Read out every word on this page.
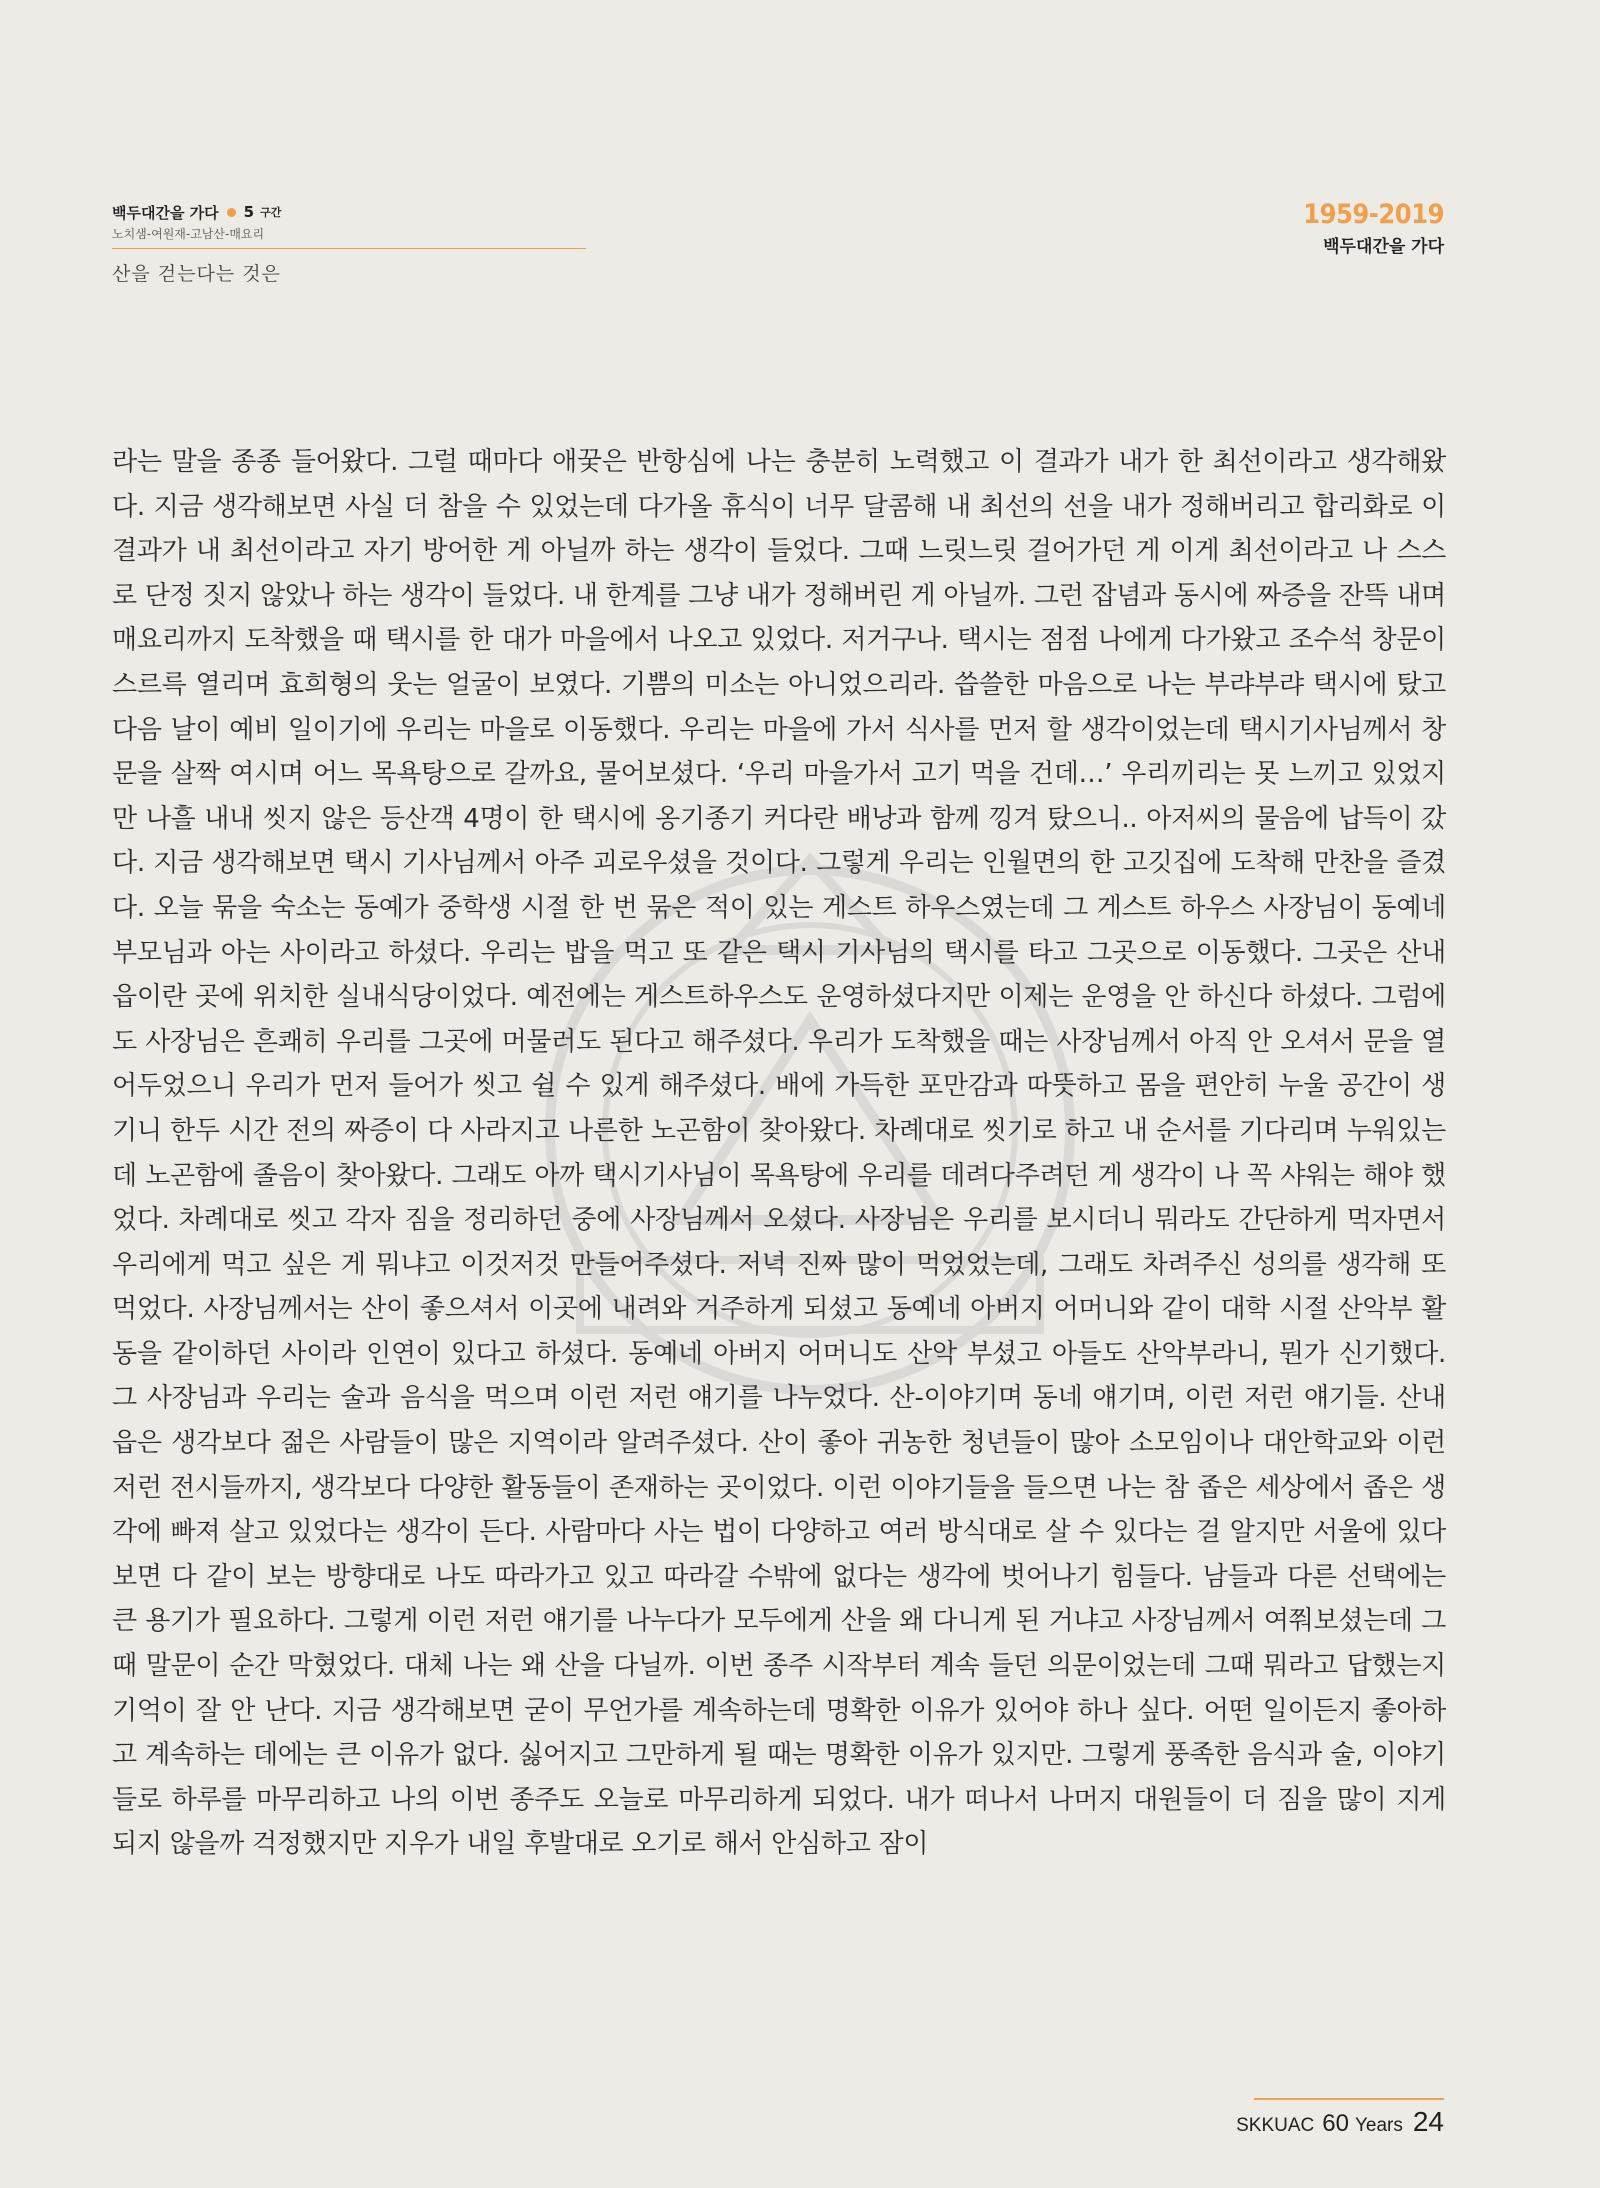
백두대간을 가다 5 구간
노치샘-여원재-고남산-매요리
산을 걷는다는 것은
1959-2019
백두대간을 가다

라는 말을 종종 들어왔다. 그럴 때마다 애꿎은 반항심에 나는 충분히 노력했고 이 결과가 내가 한 최선이라고 생각해왔다. 지금 생각해보면 사실 더 참을 수 있었는데 다가올 휴식이 너무 달콤해 내 최선의 선을 내가 정해버리고 합리화로 이 결과가 내 최선이라고 자기 방어한 게 아닐까 하는 생각이 들었다. 그때 느릿느릿 걸어가던 게 이게 최선이라고 나 스스로 단정 짓지 않았나 하는 생각이 들었다. 내 한계를 그냥 내가 정해버린 게 아닐까. 그런 잡념과 동시에 짜증을 잔뜩 내며 매요리까지 도착했을 때 택시를 한 대가 마을에서 나오고 있었다. 저거구나. 택시는 점점 나에게 다가왔고 조수석 창문이 스르륵 열리며 효희형의 웃는 얼굴이 보였다. 기쁨의 미소는 아니었으리라. 씁쓸한 마음으로 나는 부랴부랴 택시에 탔고 다음 날이 예비 일이기에 우리는 마을로 이동했다. 우리는 마을에 가서 식사를 먼저 할 생각이었는데 택시기사님께서 창문을 살짝 여시며 어느 목욕탕으로 갈까요, 물어보셨다. ‘우리 마을가서 고기 먹을 건데…’ 우리끼리는 못 느끼고 있었지만 나흘 내내 씻지 않은 등산객 4명이 한 택시에 옹기종기 커다란 배낭과 함께 낑겨 탔으니.. 아저씨의 물음에 납득이 갔다. 지금 생각해보면 택시 기사님께서 아주 괴로우셨을 것이다. 그렇게 우리는 인월면의 한 고깃집에 도착해 만찬을 즐겼다. 오늘 묶을 숙소는 동예가 중학생 시절 한 번 묶은 적이 있는 게스트 하우스였는데 그 게스트 하우스 사장님이 동예네 부모님과 아는 사이라고 하셨다. 우리는 밥을 먹고 또 같은 택시 기사님의 택시를 타고 그곳으로 이동했다. 그곳은 산내 읍이란 곳에 위치한 실내식당이었다. 예전에는 게스트하우스도 운영하셨다지만 이제는 운영을 안 하신다 하셨다. 그럼에도 사장님은 흔쾌히 우리를 그곳에 머물러도 된다고 해주셨다. 우리가 도착했을 때는 사장님께서 아직 안 오셔서 문을 열어두었으니 우리가 먼저 들어가 씻고 쉴 수 있게 해주셨다. 배에 가득한 포만감과 따뜻하고 몸을 편안히 누울 공간이 생기니 한두 시간 전의 짜증이 다 사라지고 나른한 노곤함이 찾아왔다. 차례대로 씻기로 하고 내 순서를 기다리며 누워있는데 노곤함에 졸음이 찾아왔다. 그래도 아까 택시기사님이 목욕탕에 우리를 데려다주려던 게 생각이 나 꼭 샤워는 해야 했었다. 차례대로 씻고 각자 짐을 정리하던 중에 사장님께서 오셨다. 사장님은 우리를 보시더니 뭐라도 간단하게 먹자면서 우리에게 먹고 싶은 게 뭐냐고 이것저것 만들어주셨다. 저녁 진짜 많이 먹었었는데, 그래도 차려주신 성의를 생각해 또 먹었다. 사장님께서는 산이 좋으셔서 이곳에 내려와 거주하게 되셨고 동예네 아버지 어머니와 같이 대학 시절 산악부 활동을 같이하던 사이라 인연이 있다고 하셨다. 동예네 아버지 어머니도 산악 부셨고 아들도 산악부라니, 뭔가 신기했다. 그 사장님과 우리는 술과 음식을 먹으며 이런 저런 얘기를 나누었다. 산-이야기며 동네 얘기며, 이런 저런 얘기들. 산내 읍은 생각보다 젊은 사람들이 많은 지역이라 알려주셨다. 산이 좋아 귀농한 청년들이 많아 소모임이나 대안학교와 이런저런 전시들까지, 생각보다 다양한 활동들이 존재하는 곳이었다. 이런 이야기들을 들으면 나는 참 좁은 세상에서 좁은 생각에 빠져 살고 있었다는 생각이 든다. 사람마다 사는 법이 다양하고 여러 방식대로 살 수 있다는 걸 알지만 서울에 있다 보면 다 같이 보는 방향대로 나도 따라가고 있고 따라갈 수밖에 없다는 생각에 벗어나기 힘들다. 남들과 다른 선택에는 큰 용기가 필요하다. 그렇게 이런 저런 얘기를 나누다가 모두에게 산을 왜 다니게 된 거냐고 사장님께서 여쭤보셨는데 그때 말문이 순간 막혔었다. 대체 나는 왜 산을 다닐까. 이번 종주 시작부터 계속 들던 의문이었는데 그때 뭐라고 답했는지 기억이 잘 안 난다. 지금 생각해보면 굳이 무언가를 계속하는데 명확한 이유가 있어야 하나 싶다. 어떤 일이든지 좋아하고 계속하는 데에는 큰 이유가 없다. 싫어지고 그만하게 될 때는 명확한 이유가 있지만. 그렇게 풍족한 음식과 술, 이야기들로 하루를 마무리하고 나의 이번 종주도 오늘로 마무리하게 되었다. 내가 떠나서 나머지 대원들이 더 짐을 많이 지게 되지 않을까 걱정했지만 지우가 내일 후발대로 오기로 해서 안심하고 잠이

SKKUAC 60 Years 24
